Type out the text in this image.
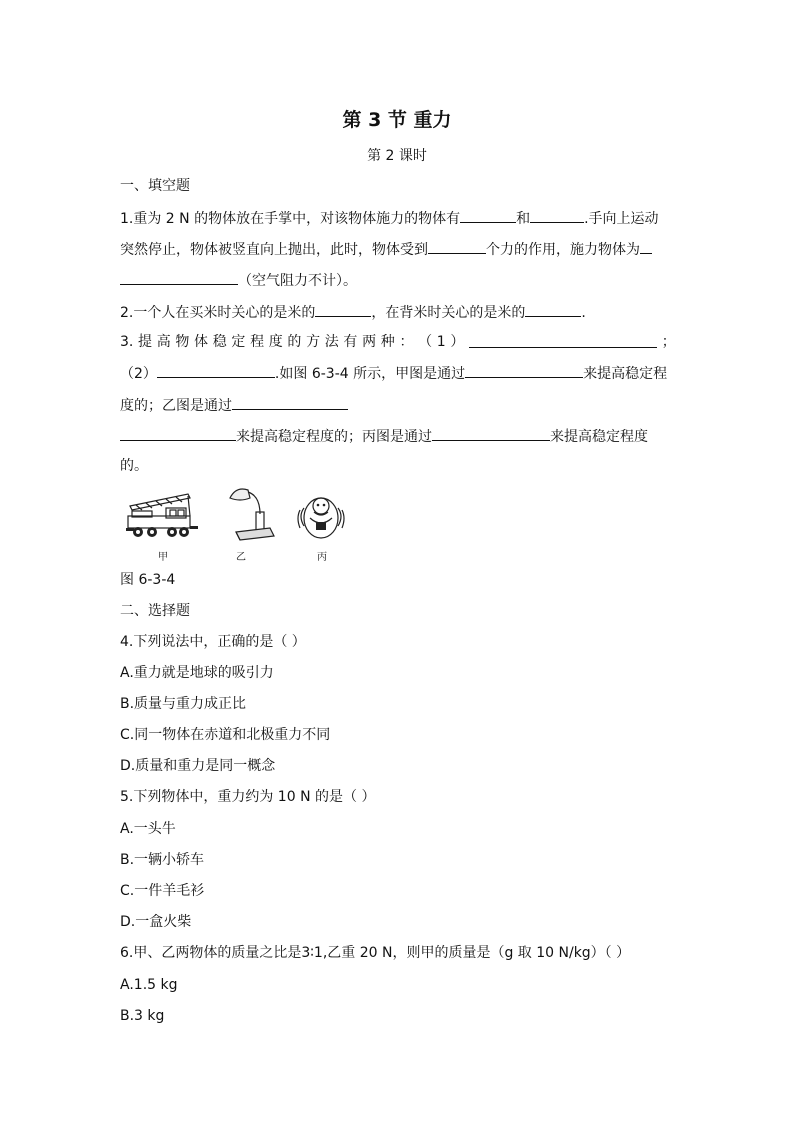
第 3 节 重力
第 2 课时
一、填空题
1.重为 2 N 的物体放在手掌中，对该物体施力的物体有	和	.手向上运动
突然停止，物体被竖直向上抛出，此时，物体受到	个力的作用，施力物体为
（空气阻力不计）。
2.一个人在买米时关心的是米的	，在背米时关心的是米的	.
3. 提 高 物 体 稳 定 程 度 的 方 法 有 两 种 ： （ 1 ）	；
（2）	.如图 6-3-4 所示，甲图是通过	来提高稳定程
度的；乙图是通过
来提高稳定程度的；丙图是通过	来提高稳定程度
的。
甲	乙	丙
图 6-3-4
二、选择题
4.下列说法中，正确的是（ ）
A.重力就是地球的吸引力
B.质量与重力成正比
C.同一物体在赤道和北极重力不同
D.质量和重力是同一概念
5.下列物体中，重力约为 10 N 的是（ ）
A.一头牛
B.一辆小轿车
C.一件羊毛衫
D.一盒火柴
6.甲、乙两物体的质量之比是3∶1,乙重 20 N，则甲的质量是（g 取 10 N/kg）（ ）
A.1.5 kg
B.3 kg
